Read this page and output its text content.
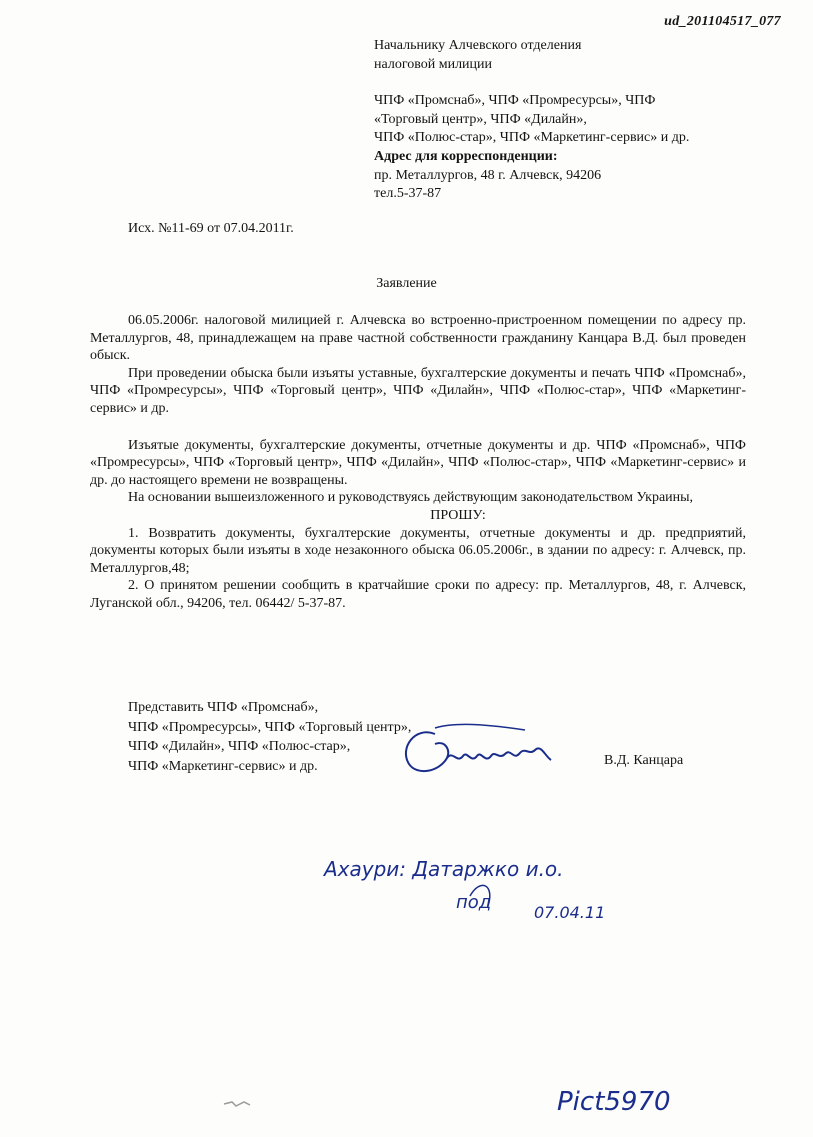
ud_201104517_077
Начальнику Алчевского отделения
налоговой милиции
ЧПФ «Промснаб», ЧПФ «Промресурсы», ЧПФ
«Торговый центр», ЧПФ «Дилайн»,
ЧПФ «Полюс-стар», ЧПФ «Маркетинг-сервис» и др.
Адрес для корреспонденции:
пр. Металлургов, 48 г. Алчевск, 94206
тел.5-37-87
Исх. №11-69 от 07.04.2011г.
Заявление

06.05.2006г. налоговой милицией г. Алчевска во встроенно-пристроенном помещении по адресу пр. Металлургов, 48, принадлежащем на праве частной собственности гражданину Канцара В.Д. был проведен обыск.

При проведении обыска были изъяты уставные, бухгалтерские документы и печать ЧПФ «Промснаб», ЧПФ «Промресурсы», ЧПФ «Торговый центр», ЧПФ «Дилайн», ЧПФ «Полюс-стар», ЧПФ «Маркетинг-сервис» и др.

Изъятые документы, бухгалтерские документы, отчетные документы и др. ЧПФ «Промснаб», ЧПФ «Промресурсы», ЧПФ «Торговый центр», ЧПФ «Дилайн», ЧПФ «Полюс-стар», ЧПФ «Маркетинг-сервис» и др. до настоящего времени не возвращены.

На основании вышеизложенного и руководствуясь действующим законодательством Украины,

ПРОШУ:

1. Возвратить документы, бухгалтерские документы, отчетные документы и др. предприятий, документы которых были изъяты в ходе незаконного обыска 06.05.2006г., в здании по адресу: г. Алчевск, пр. Металлургов,48;

2. О принятом решении сообщить в кратчайшие сроки по адресу: пр. Металлургов, 48, г. Алчевск, Луганской обл., 94206, тел. 06442/ 5-37-87.

Представить ЧПФ «Промснаб»,
ЧПФ «Промресурсы», ЧПФ «Торговый центр»,
ЧПФ «Дилайн», ЧПФ «Полюс-стар»,
ЧПФ «Маркетинг-сервис» и др.	В.Д. Канцара
Ахаури: Датаржко и.о.
под	07.04.11
Pict5970
